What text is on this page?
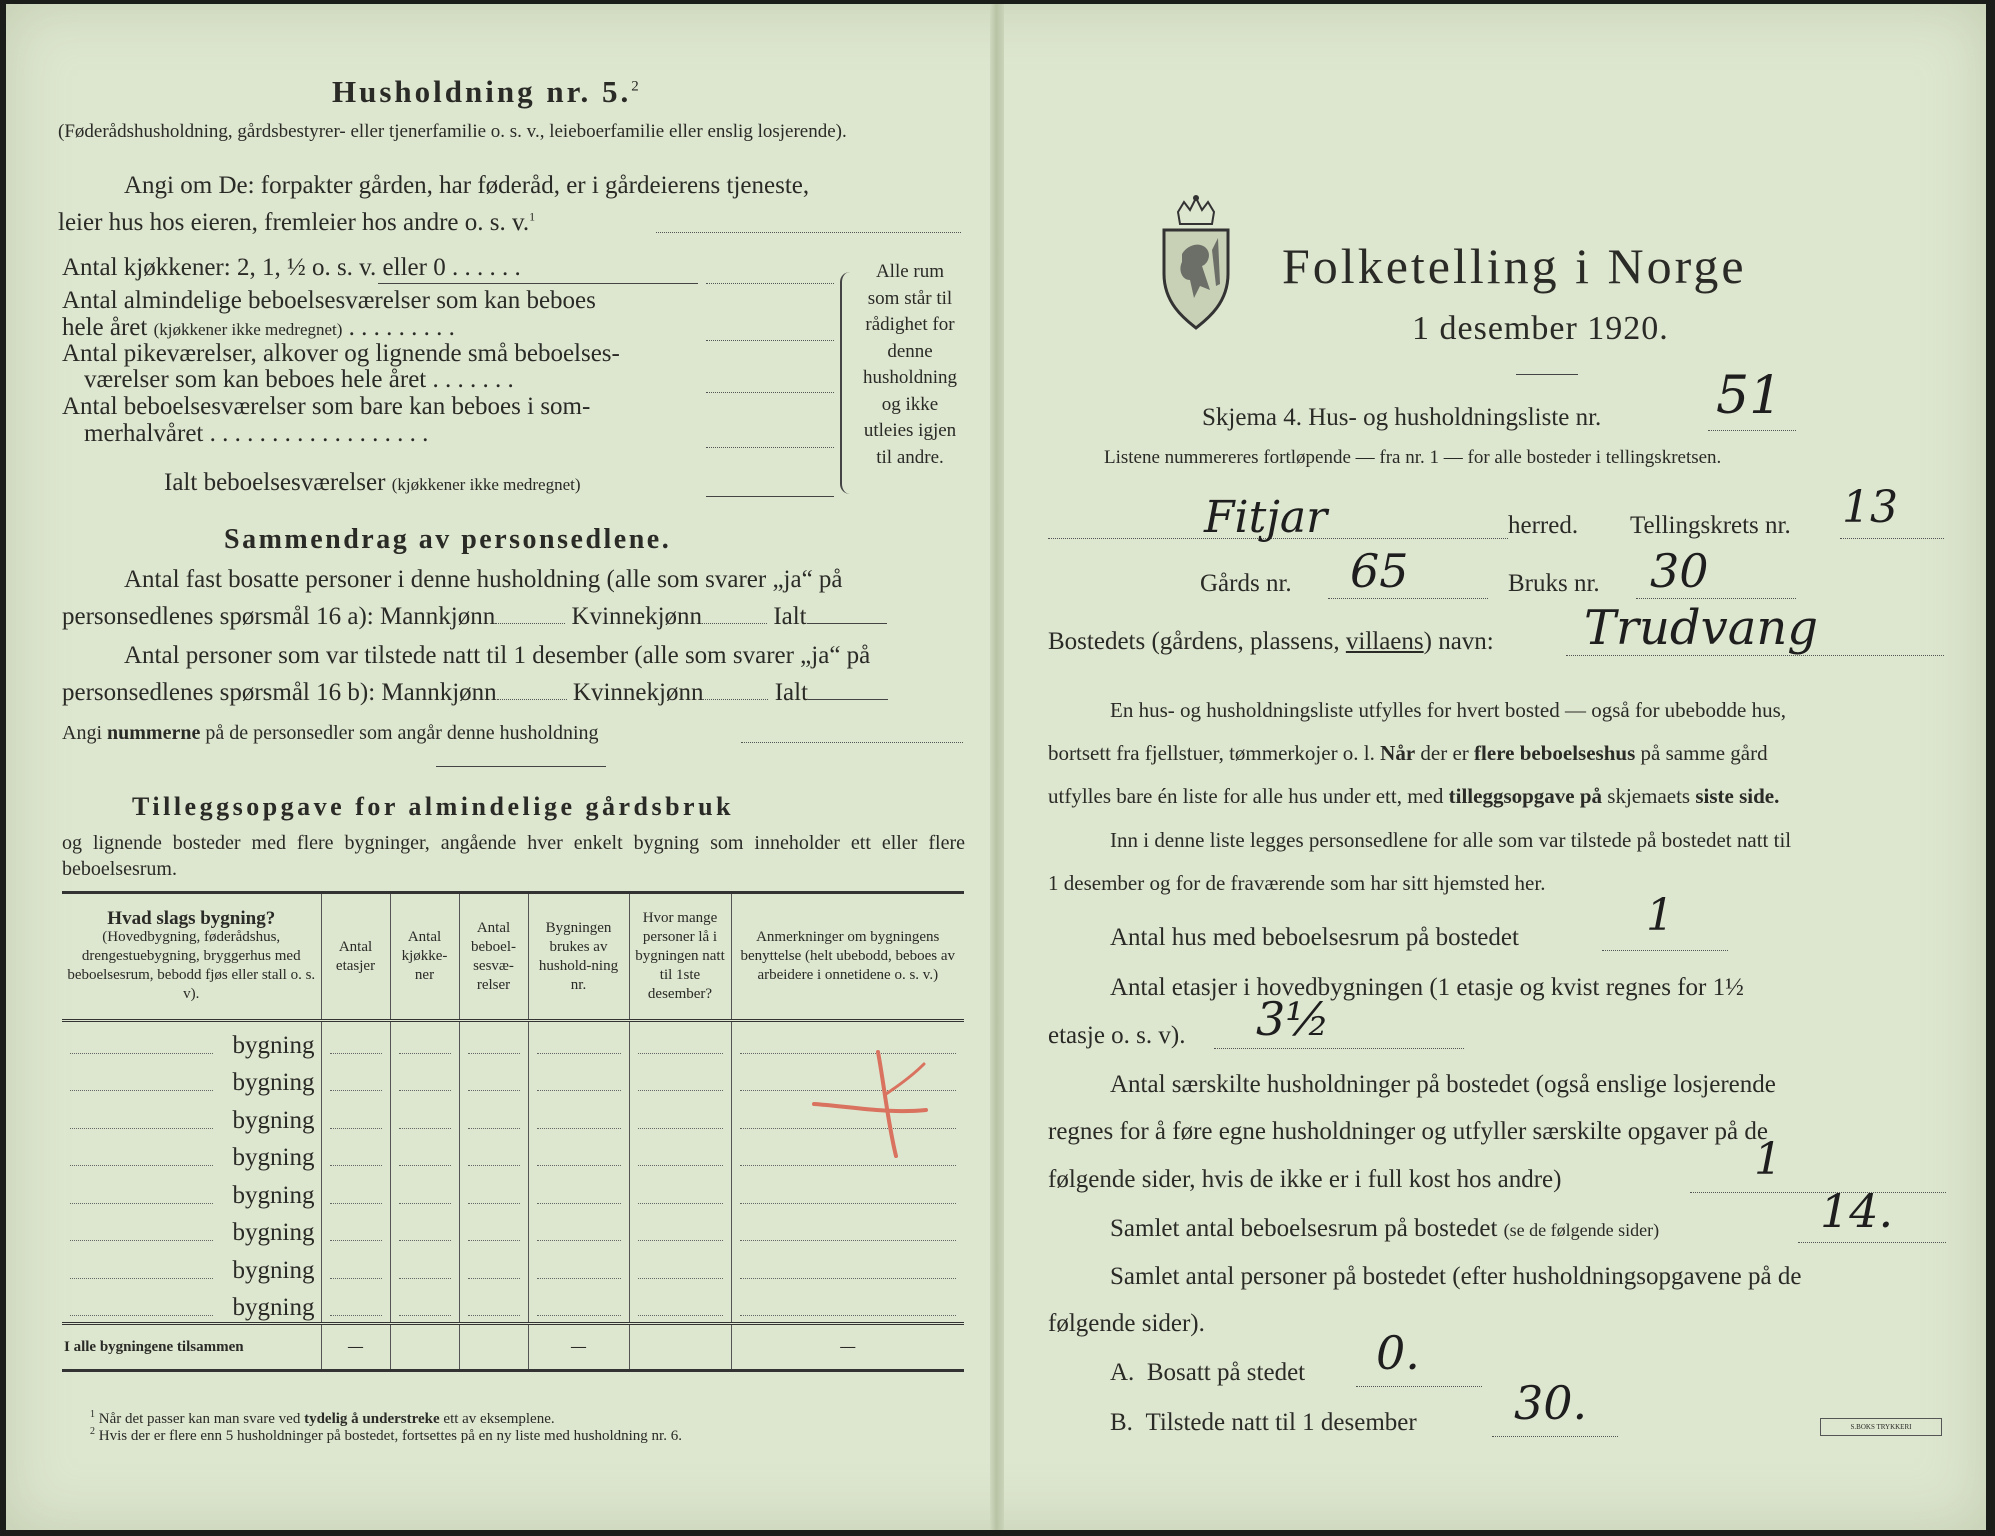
Husholdning nr. 5.$^2$
(Føderådshusholdning, gårdsbestyrer- eller tjenerfamilie o. s. v., leieboerfamilie eller enslig losjerende).
Angi om De: forpakter gården, har føderåd, er i gårdeierens tjeneste,
leier hus hos eieren, fremleier hos andre o. s. v.$^1$
Antal kjøkkener: 2, 1, ½ o. s. v. eller 0 . . . . . .
Antal almindelige beboelsesværelser som kan beboes
hele året (kjøkkener ikke medregnet) . . . . . . . . .
Antal pikeværelser, alkover og lignende små beboelses-
værelser som kan beboes hele året . . . . . . .
Antal beboelsesværelser som bare kan beboes i som-
merhalvåret . . . . . . . . . . . . . . . . . .
Ialt beboelsesværelser (kjøkkener ikke medregnet)
Alle rum som står til rådighet for denne husholdning og ikke utleies igjen til andre.
Sammendrag av personsedlene.
Antal fast bosatte personer i denne husholdning (alle som svarer „ja“ på
personsedlenes spørsmål 16 a): Mannkjønn	Kvinnekjønn	Ialt
Antal personer som var tilstede natt til 1 desember (alle som svarer „ja“ på
personsedlenes spørsmål 16 b): Mannkjønn	Kvinnekjønn	Ialt
Angi nummerne på de personsedler som angår denne husholdning
Tilleggsopgave for almindelige gårdsbruk
og lignende bosteder med flere bygninger, angående hver enkelt bygning som inneholder ett eller flere beboelsesrum.
Hvad slags bygning?
(Hovedbygning, føderådshus, drengestuebygning, bryggerhus med beboelsesrum, bebodd fjøs eller stall o. s. v).	Antal etasjer	Antal kjøkke-ner	Antal beboel-sesvæ-relser	Bygningen brukes av hushold-ning nr.	Hvor mange personer lå i bygningen natt til 1ste desember?	Anmerkninger om bygningens benyttelse (helt ubebodd, beboes av arbeidere i onnetidene o. s. v.)
bygning						
bygning						
bygning						
bygning						
bygning						
bygning						
bygning						
bygning						
I alle bygningene tilsammen	—			—		—
$^1$ Når det passer kan man svare ved tydelig å understreke ett av eksemplene.
$^2$ Hvis der er flere enn 5 husholdninger på bostedet, fortsettes på en ny liste med husholdning nr. 6.
Folketelling i Norge
1 desember 1920.
Skjema 4. Hus- og husholdningsliste nr. 51
Listene nummereres fortløpende — fra nr. 1 — for alle bosteder i tellingskretsen.
Fitjar	herred. Tellingskrets nr. 13
Gårds nr. 65	Bruks nr. 30
Bostedets (gårdens, plassens, villaens) navn: Trudvang
En hus- og husholdningsliste utfylles for hvert bosted — også for ubebodde hus,
bortsett fra fjellstuer, tømmerkojer o. l. Når der er flere beboelseshus på samme gård
utfylles bare én liste for alle hus under ett, med tilleggsopgave på skjemaets siste side.
Inn i denne liste legges personsedlene for alle som var tilstede på bostedet natt til
1 desember og for de fraværende som har sitt hjemsted her.
Antal hus med beboelsesrum på bostedet	1
Antal etasjer i hovedbygningen (1 etasje og kvist regnes for 1½
etasje o. s. v). 3½
Antal særskilte husholdninger på bostedet (også enslige losjerende
regnes for å føre egne husholdninger og utfyller særskilte opgaver på de
følgende sider, hvis de ikke er i full kost hos andre)	1
Samlet antal beboelsesrum på bostedet (se de følgende sider)	14.
Samlet antal personer på bostedet (efter husholdningsopgavene på de
følgende sider).
A. Bosatt på stedet 0.
B. Tilstede natt til 1 desember 30.	S.BOKS TRYKKERI
